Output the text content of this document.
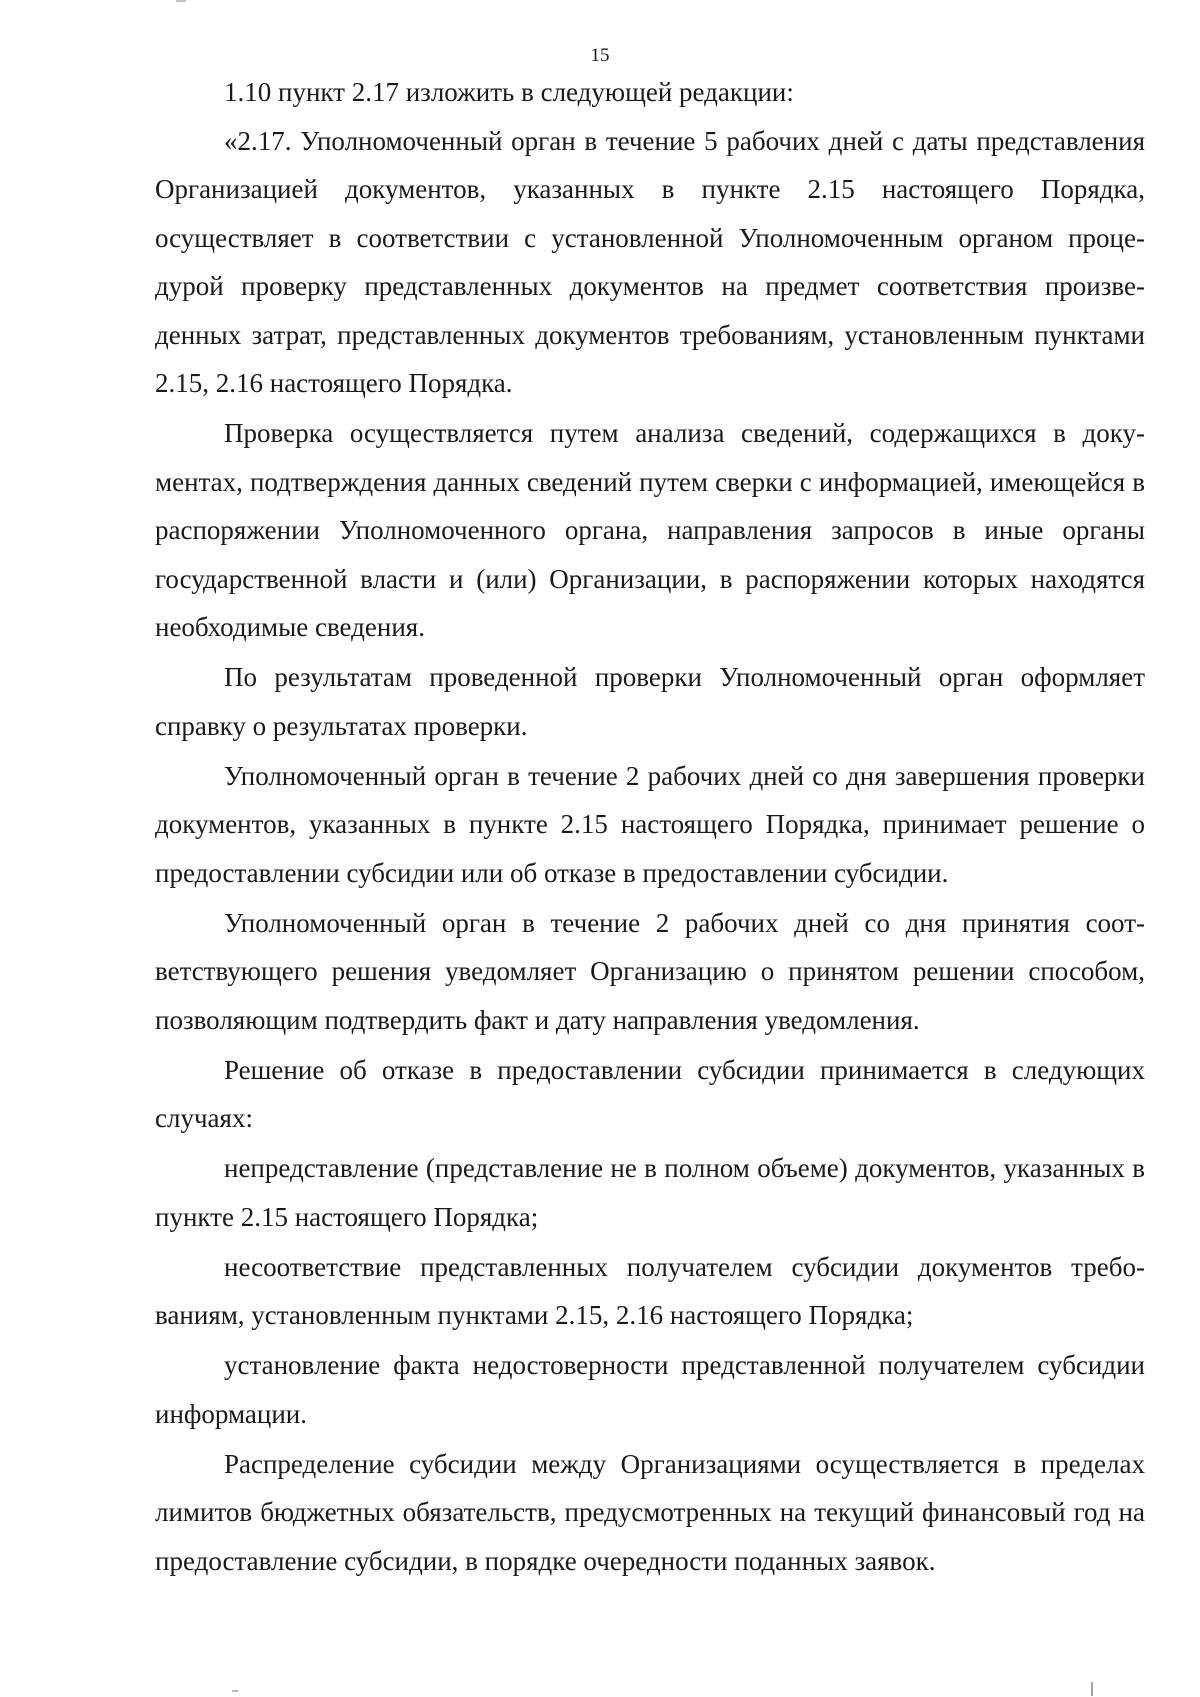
15

1.10 пункт 2.17 изложить в следующей редакции:

«2.17. Уполномоченный орган в течение 5 рабочих дней с даты представления Организацией документов, указанных в пункте 2.15 настоящего Порядка, осуществляет в соответствии с установленной Уполномоченным органом процедурой проверку представленных документов на предмет соответствия произведенных затрат, представленных документов требованиям, установленным пунктами 2.15, 2.16 настоящего Порядка.

Проверка осуществляется путем анализа сведений, содержащихся в документах, подтверждения данных сведений путем сверки с информацией, имеющейся в распоряжении Уполномоченного органа, направления запросов в иные органы государственной власти и (или) Организации, в распоряжении которых находятся необходимые сведения.

По результатам проведенной проверки Уполномоченный орган оформляет справку о результатах проверки.

Уполномоченный орган в течение 2 рабочих дней со дня завершения проверки документов, указанных в пункте 2.15 настоящего Порядка, принимает решение о предоставлении субсидии или об отказе в предоставлении субсидии.

Уполномоченный орган в течение 2 рабочих дней со дня принятия соответствующего решения уведомляет Организацию о принятом решении способом, позволяющим подтвердить факт и дату направления уведомления.

Решение об отказе в предоставлении субсидии принимается в следующих случаях:

непредставление (представление не в полном объеме) документов, указанных в пункте 2.15 настоящего Порядка;

несоответствие представленных получателем субсидии документов требованиям, установленным пунктами 2.15, 2.16 настоящего Порядка;

установление факта недостоверности представленной получателем субсидии информации.

Распределение субсидии между Организациями осуществляется в пределах лимитов бюджетных обязательств, предусмотренных на текущий финансовый год на предоставление субсидии, в порядке очередности поданных заявок.
